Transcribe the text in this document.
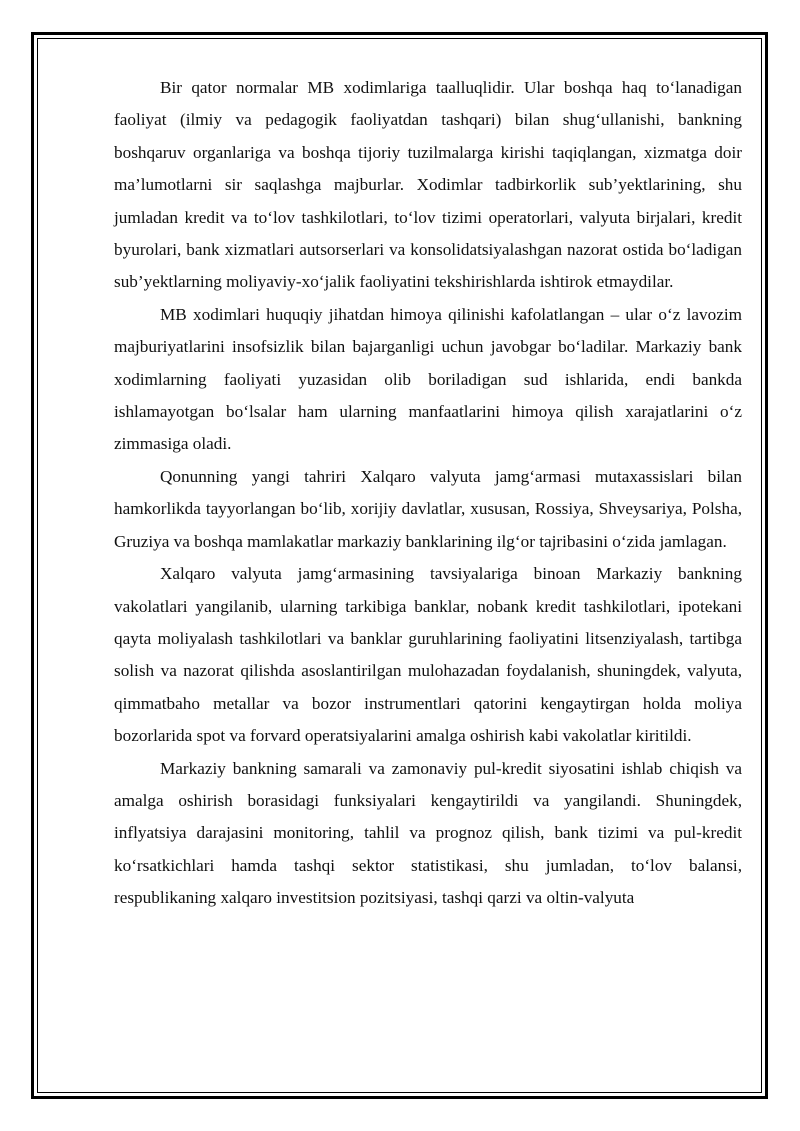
Bir qator normalar MB xodimlariga taalluqlidir. Ular boshqa haq to‘lanadigan faoliyat (ilmiy va pedagogik faoliyatdan tashqari) bilan shug‘ullanishi, bankning boshqaruv organlariga va boshqa tijoriy tuzilmalarga kirishi taqiqlangan, xizmatga doir ma’lumotlarni sir saqlashga majburlar. Xodimlar tadbirkorlik sub’yektlarining, shu jumladan kredit va to‘lov tashkilotlari, to‘lov tizimi operatorlari, valyuta birjalari, kredit byurolari, bank xizmatlari autsorserlari va konsolidatsiyalashgan nazorat ostida bo‘ladigan sub’yektlarning moliyaviy-xo‘jalik faoliyatini tekshirishlarda ishtirok etmaydilar.

MB xodimlari huquqiy jihatdan himoya qilinishi kafolatlangan – ular o‘z lavozim majburiyatlarini insofsizlik bilan bajarganligi uchun javobgar bo‘ladilar. Markaziy bank xodimlarning faoliyati yuzasidan olib boriladigan sud ishlarida, endi bankda ishlamayotgan bo‘lsalar ham ularning manfaatlarini himoya qilish xarajatlarini o‘z zimmasiga oladi.

Qonunning yangi tahriri Xalqaro valyuta jamg‘armasi mutaxassislari bilan hamkorlikda tayyorlangan bo‘lib, xorijiy davlatlar, xususan, Rossiya, Shveysariya, Polsha, Gruziya va boshqa mamlakatlar markaziy banklarining ilg‘or tajribasini o‘zida jamlagan.

Xalqaro valyuta jamg‘armasining tavsiyalariga binoan Markaziy bankning vakolatlari yangilanib, ularning tarkibiga banklar, nobank kredit tashkilotlari, ipotekani qayta moliyalash tashkilotlari va banklar guruhlarining faoliyatini litsenziyalash, tartibga solish va nazorat qilishda asoslantirilgan mulohazadan foydalanish, shuningdek, valyuta, qimmatbaho metallar va bozor instrumentlari qatorini kengaytirgan holda moliya bozorlarida spot va forvard operatsiyalarini amalga oshirish kabi vakolatlar kiritildi.

Markaziy bankning samarali va zamonaviy pul-kredit siyosatini ishlab chiqish va amalga oshirish borasidagi funksiyalari kengaytirildi va yangilandi. Shuningdek, inflyatsiya darajasini monitoring, tahlil va prognoz qilish, bank tizimi va pul-kredit ko‘rsatkichlari hamda tashqi sektor statistikasi, shu jumladan, to‘lov balansi, respublikaning xalqaro investitsion pozitsiyasi, tashqi qarzi va oltin-valyuta
